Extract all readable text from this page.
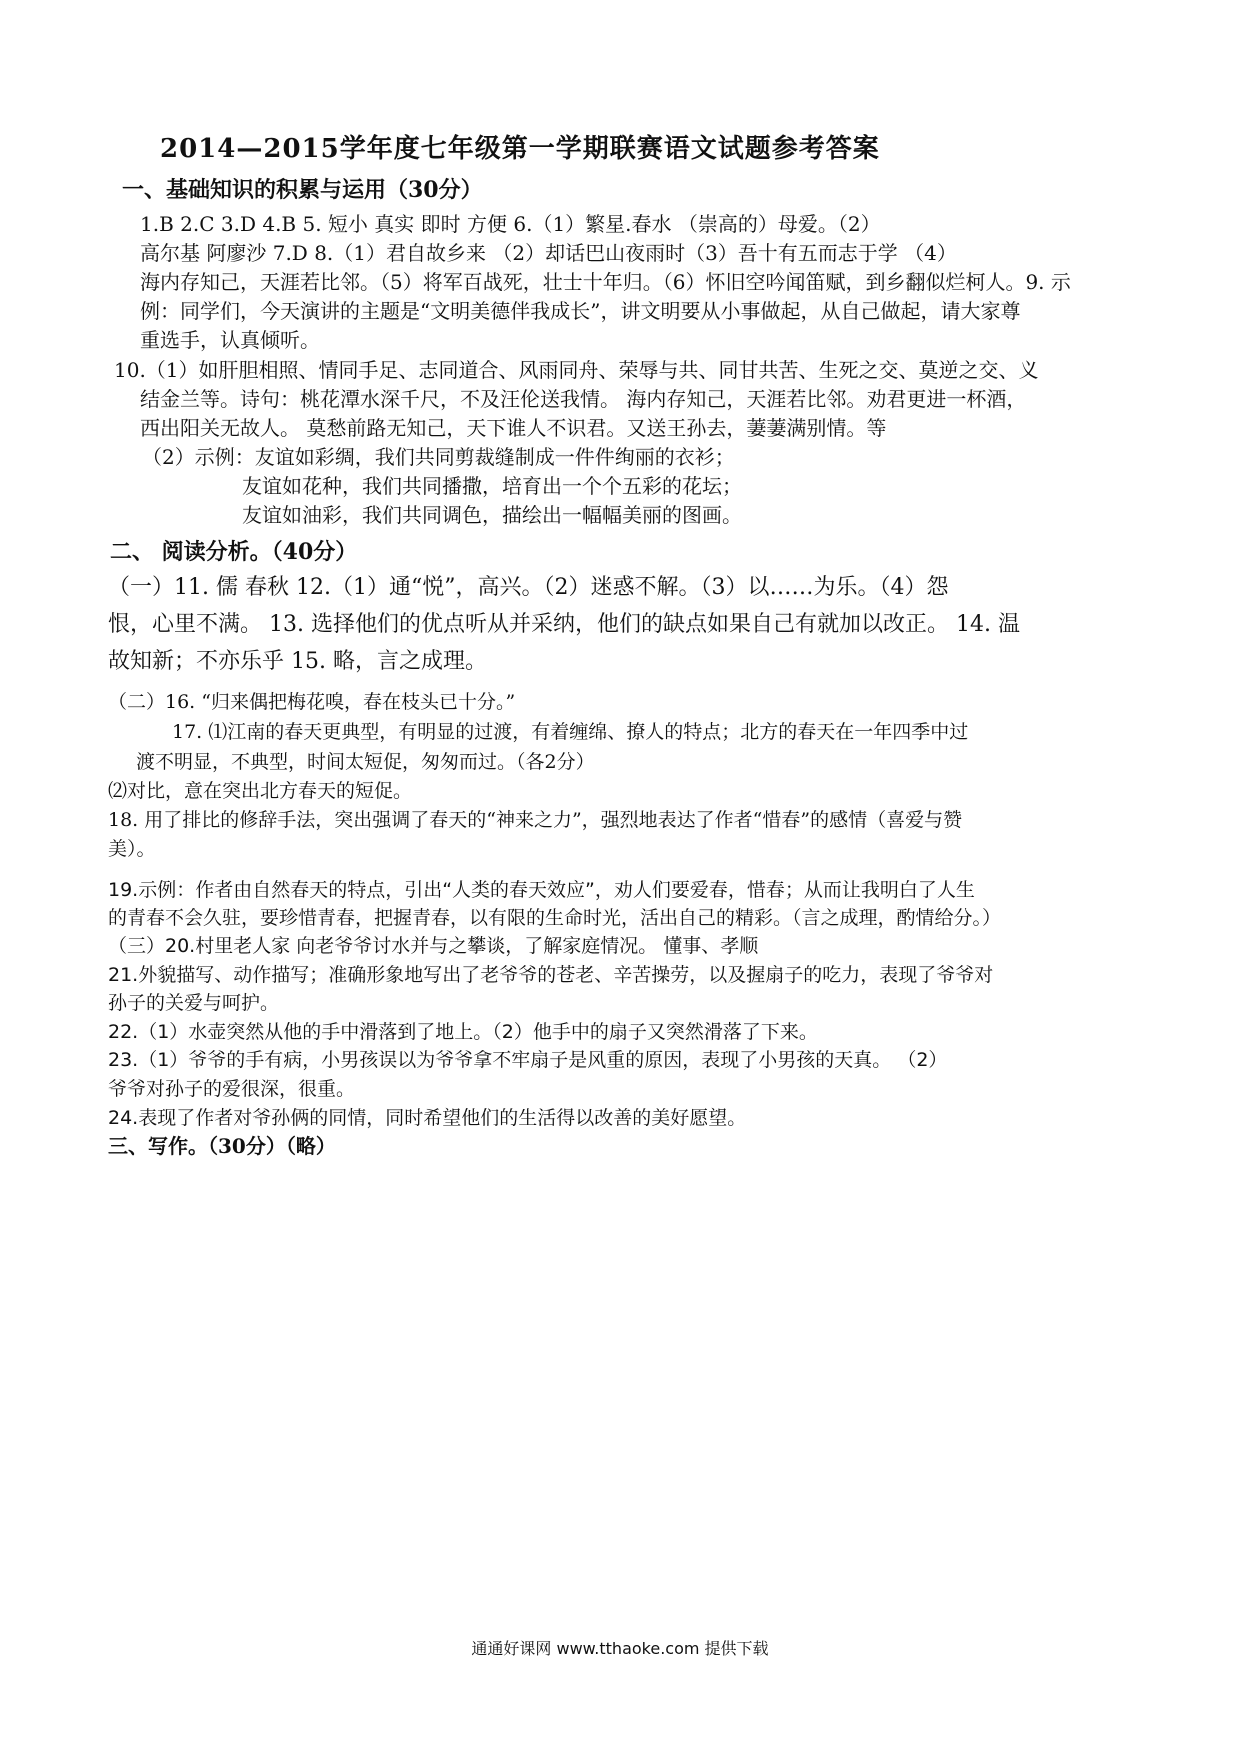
2014—2015学年度七年级第一学期联赛语文试题参考答案
一、基础知识的积累与运用（30分）
1.B 2.C 3.D 4.B 5. 短小 真实 即时 方便 6.（1）繁星.春水 （崇高的）母爱。（2）
高尔基 阿廖沙 7.D 8.（1）君自故乡来 （2）却话巴山夜雨时（3）吾十有五而志于学 （4）
海内存知己，天涯若比邻。（5）将军百战死，壮士十年归。（6）怀旧空吟闻笛赋，到乡翻似烂柯人。9. 示
例：同学们，今天演讲的主题是“文明美德伴我成长”，讲文明要从小事做起，从自己做起，请大家尊
重选手，认真倾听。
10.（1）如肝胆相照、情同手足、志同道合、风雨同舟、荣辱与共、同甘共苦、生死之交、莫逆之交、义
结金兰等。诗句：桃花潭水深千尺，不及汪伦送我情。 海内存知己，天涯若比邻。劝君更进一杯酒，
西出阳关无故人。 莫愁前路无知己，天下谁人不识君。又送王孙去，萋萋满别情。等
（2）示例：友谊如彩绸，我们共同剪裁缝制成一件件绚丽的衣衫；
友谊如花种，我们共同播撒，培育出一个个五彩的花坛；
友谊如油彩，我们共同调色，描绘出一幅幅美丽的图画。
二、 阅读分析。（40分）
（一）11. 儒 春秋 12.（1）通“悦”，高兴。（2）迷惑不解。（3）以……为乐。（4）怨
恨，心里不满。 13. 选择他们的优点听从并采纳，他们的缺点如果自己有就加以改正。 14. 温
故知新；不亦乐乎 15. 略，言之成理。
（二）16. “归来偶把梅花嗅，春在枝头已十分。”
17. ⑴江南的春天更典型，有明显的过渡，有着缠绵、撩人的特点；北方的春天在一年四季中过
渡不明显，不典型，时间太短促，匆匆而过。（各2分）
⑵对比，意在突出北方春天的短促。
18. 用了排比的修辞手法，突出强调了春天的“神来之力”，强烈地表达了作者“惜春”的感情（喜爱与赞
美）。
19.示例：作者由自然春天的特点，引出“人类的春天效应”，劝人们要爱春，惜春；从而让我明白了人生
的青春不会久驻，要珍惜青春，把握青春，以有限的生命时光，活出自己的精彩。（言之成理，酌情给分。）
（三）20.村里老人家 向老爷爷讨水并与之攀谈，了解家庭情况。 懂事、孝顺
21.外貌描写、动作描写；准确形象地写出了老爷爷的苍老、辛苦操劳，以及握扇子的吃力，表现了爷爷对
孙子的关爱与呵护。
22.（1）水壶突然从他的手中滑落到了地上。（2）他手中的扇子又突然滑落了下来。
23.（1）爷爷的手有病，小男孩误以为爷爷拿不牢扇子是风重的原因，表现了小男孩的天真。 （2）
爷爷对孙子的爱很深，很重。
24.表现了作者对爷孙俩的同情，同时希望他们的生活得以改善的美好愿望。
三、写作。（30分）（略）
通通好课网 www.tthaoke.com 提供下载
